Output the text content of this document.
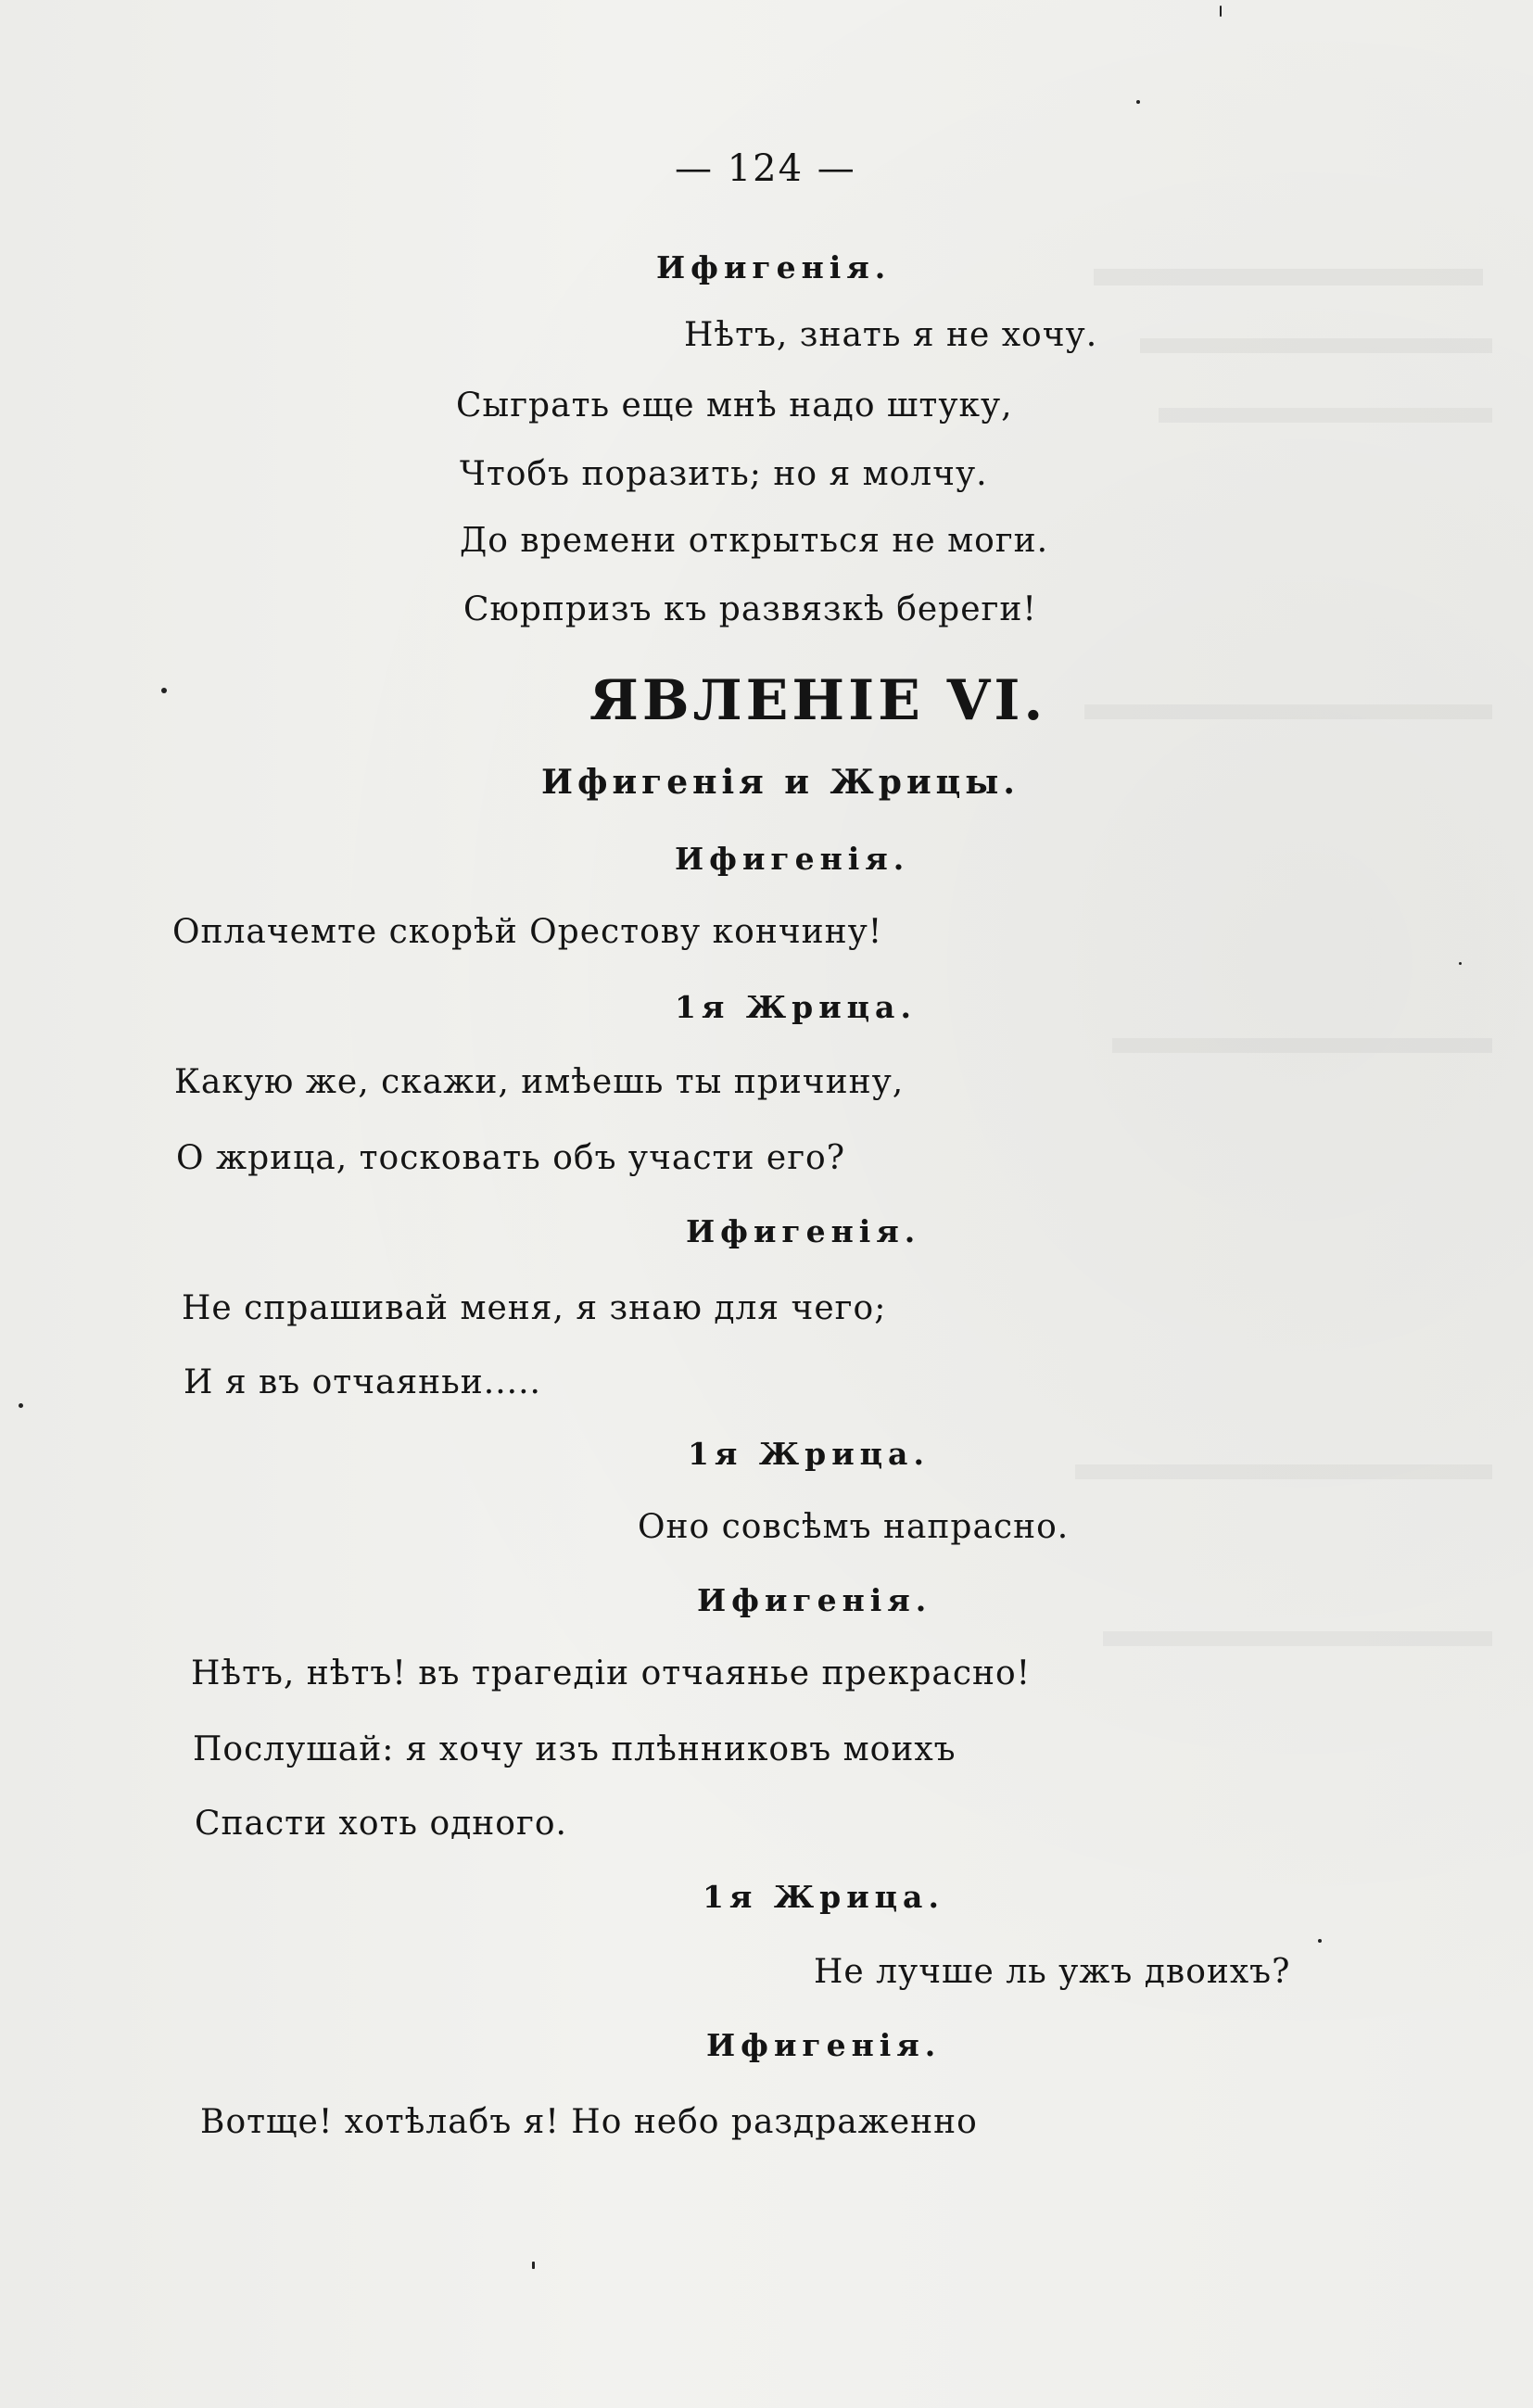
— 124 —
Ифигенія.
Нѣтъ, знать я не хочу.
Сыграть еще мнѣ надо штуку,
Чтобъ поразить; но я молчу.
До времени открыться не моги.
Сюрпризъ къ развязкѣ береги!
ЯВЛЕНІЕ VI.
Ифигенія и Жрицы.
Ифигенія.
Оплачемте скорѣй Орестову кончину!
1я Жрица.
Какую же, скажи, имѣешь ты причину,
О жрица, тосковать объ участи его?
Ифигенія.
Не спрашивай меня, я знаю для чего;
И я въ отчаяньи.....
1я Жрица.
Оно совсѣмъ напрасно.
Ифигенія.
Нѣтъ, нѣтъ! въ трагедіи отчаянье прекрасно!
Послушай: я хочу изъ плѣнниковъ моихъ
Спасти хоть одного.
1я Жрица.
Не лучше ль ужъ двоихъ?
Ифигенія.
Вотще! хотѣлабъ я! Но небо раздраженно
